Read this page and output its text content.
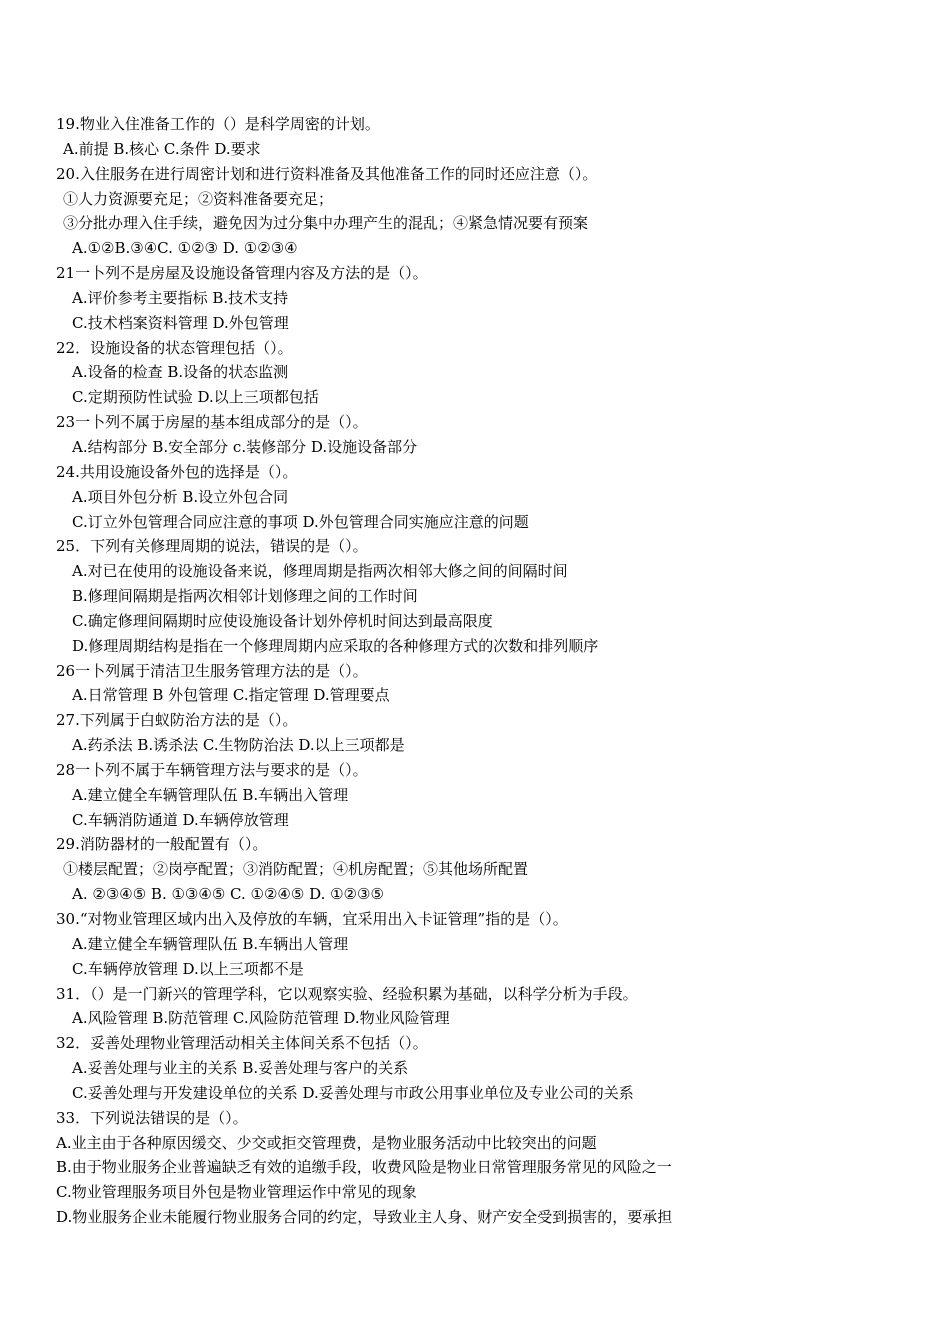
19.物业入住准备工作的（）是科学周密的计划。
A.前提 B.核心 C.条件 D.要求
20.入住服务在进行周密计划和进行资料准备及其他准备工作的同时还应注意（）。
①人力资源要充足；②资料准备要充足；
③分批办理入住手续，避免因为过分集中办理产生的混乱；④紧急情况要有预案
A.①②B.③④C. ①②③ D. ①②③④
21一卜列不是房屋及设施设备管理内容及方法的是（）。
A.评价参考主要指标 B.技术支持
C.技术档案资料管理 D.外包管理
22．设施设备的状态管理包括（）。
A.设备的检查 B.设备的状态监测
C.定期预防性试验 D.以上三项都包括
23一卜列不属于房屋的基本组成部分的是（）。
A.结构部分 B.安全部分 c.装修部分 D.设施设备部分
24.共用设施设备外包的选择是（）。
A.项目外包分析 B.设立外包合同
C.订立外包管理合同应注意的事项 D.外包管理合同实施应注意的问题
25．下列有关修理周期的说法，错误的是（）。
A.对已在使用的设施设备来说，修理周期是指两次相邻大修之间的间隔时间
B.修理间隔期是指两次相邻计划修理之间的工作时间
C.确定修理间隔期时应使设施设备计划外停机时间达到最高限度
D.修理周期结构是指在一个修理周期内应采取的各种修理方式的次数和排列顺序
26一卜列属于清洁卫生服务管理方法的是（）。
A.日常管理 B 外包管理 C.指定管理 D.管理要点
27.下列属于白蚁防治方法的是（）。
A.药杀法 B.诱杀法 C.生物防治法 D.以上三项都是
28一卜列不属于车辆管理方法与要求的是（）。
A.建立健全车辆管理队伍 B.车辆出入管理
C.车辆消防通道 D.车辆停放管理
29.消防器材的一般配置有（）。
①楼层配置；②岗亭配置；③消防配置；④机房配置；⑤其他场所配置
A. ②③④⑤ B. ①③④⑤ C. ①②④⑤ D. ①②③⑤
30.“对物业管理区域内出入及停放的车辆，宜采用出入卡证管理”指的是（）。
A.建立健全车辆管理队伍 B.车辆出人管理
C.车辆停放管理 D.以上三项都不是
31．（）是一门新兴的管理学科，它以观察实验、经验积累为基础，以科学分析为手段。
A.风险管理 B.防范管理 C.风险防范管理 D.物业风险管理
32．妥善处理物业管理活动相关主体间关系不包括（）。
A.妥善处理与业主的关系 B.妥善处理与客户的关系
C.妥善处理与开发建设单位的关系 D.妥善处理与市政公用事业单位及专业公司的关系
33．下列说法错误的是（）。
A.业主由于各种原因缓交、少交或拒交管理费，是物业服务活动中比较突出的问题
B.由于物业服务企业普遍缺乏有效的追缴手段，收费风险是物业日常管理服务常见的风险之一
C.物业管理服务项目外包是物业管理运作中常见的现象
D.物业服务企业未能履行物业服务合同的约定，导致业主人身、财产安全受到损害的，要承担
